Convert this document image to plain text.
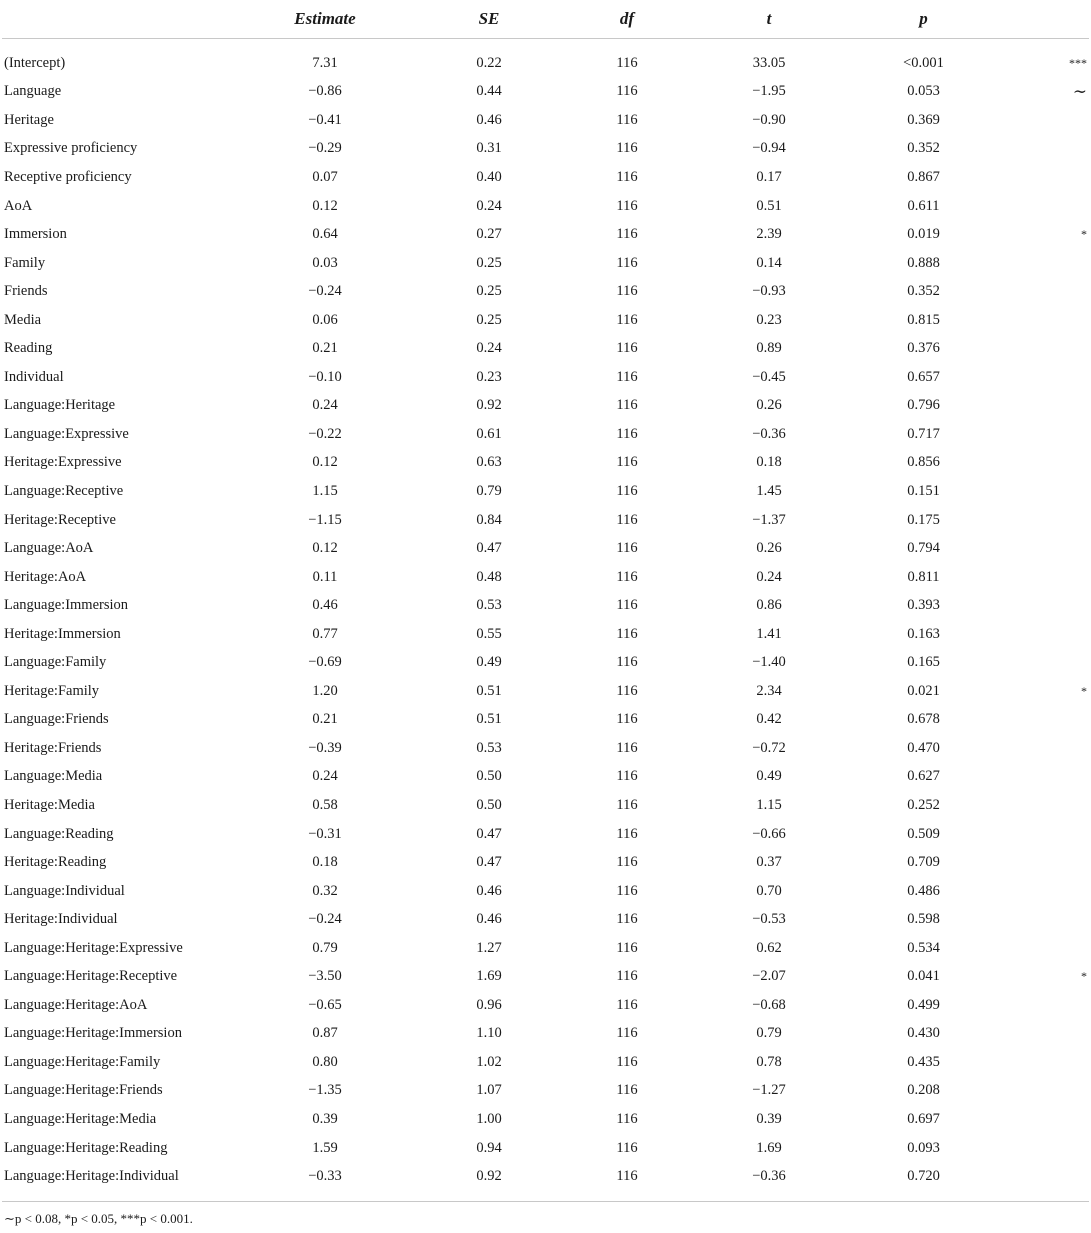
	Estimate	SE	df	t	p	
(Intercept)	7.31	0.22	116	33.05	<0.001	***
Language	−0.86	0.44	116	−1.95	0.053	∼
Heritage	−0.41	0.46	116	−0.90	0.369	
Expressive proficiency	−0.29	0.31	116	−0.94	0.352	
Receptive proficiency	0.07	0.40	116	0.17	0.867	
AoA	0.12	0.24	116	0.51	0.611	
Immersion	0.64	0.27	116	2.39	0.019	*
Family	0.03	0.25	116	0.14	0.888	
Friends	−0.24	0.25	116	−0.93	0.352	
Media	0.06	0.25	116	0.23	0.815	
Reading	0.21	0.24	116	0.89	0.376	
Individual	−0.10	0.23	116	−0.45	0.657	
Language:Heritage	0.24	0.92	116	0.26	0.796	
Language:Expressive	−0.22	0.61	116	−0.36	0.717	
Heritage:Expressive	0.12	0.63	116	0.18	0.856	
Language:Receptive	1.15	0.79	116	1.45	0.151	
Heritage:Receptive	−1.15	0.84	116	−1.37	0.175	
Language:AoA	0.12	0.47	116	0.26	0.794	
Heritage:AoA	0.11	0.48	116	0.24	0.811	
Language:Immersion	0.46	0.53	116	0.86	0.393	
Heritage:Immersion	0.77	0.55	116	1.41	0.163	
Language:Family	−0.69	0.49	116	−1.40	0.165	
Heritage:Family	1.20	0.51	116	2.34	0.021	*
Language:Friends	0.21	0.51	116	0.42	0.678	
Heritage:Friends	−0.39	0.53	116	−0.72	0.470	
Language:Media	0.24	0.50	116	0.49	0.627	
Heritage:Media	0.58	0.50	116	1.15	0.252	
Language:Reading	−0.31	0.47	116	−0.66	0.509	
Heritage:Reading	0.18	0.47	116	0.37	0.709	
Language:Individual	0.32	0.46	116	0.70	0.486	
Heritage:Individual	−0.24	0.46	116	−0.53	0.598	
Language:Heritage:Expressive	0.79	1.27	116	0.62	0.534	
Language:Heritage:Receptive	−3.50	1.69	116	−2.07	0.041	*
Language:Heritage:AoA	−0.65	0.96	116	−0.68	0.499	
Language:Heritage:Immersion	0.87	1.10	116	0.79	0.430	
Language:Heritage:Family	0.80	1.02	116	0.78	0.435	
Language:Heritage:Friends	−1.35	1.07	116	−1.27	0.208	
Language:Heritage:Media	0.39	1.00	116	0.39	0.697	
Language:Heritage:Reading	1.59	0.94	116	1.69	0.093	
Language:Heritage:Individual	−0.33	0.92	116	−0.36	0.720	
∼p < 0.08, *p < 0.05, ***p < 0.001.						
